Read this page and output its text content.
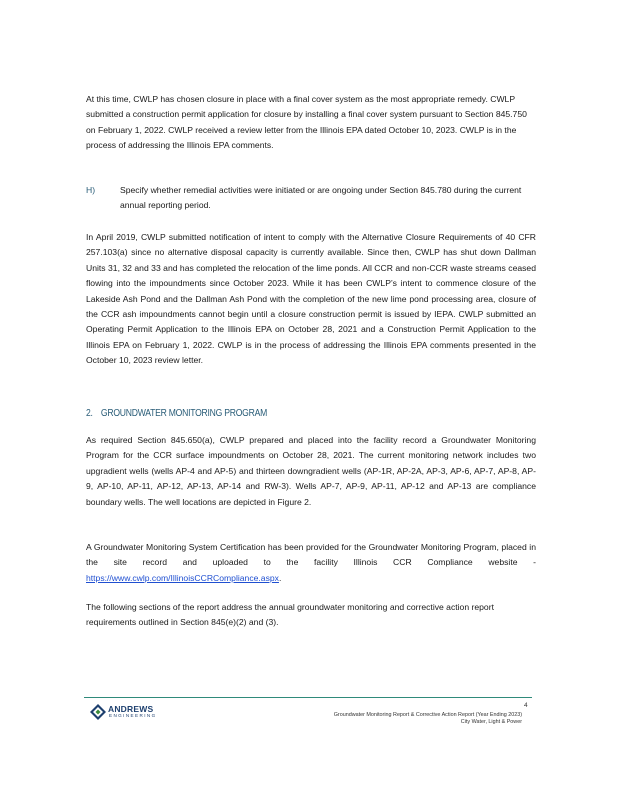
At this time, CWLP has chosen closure in place with a final cover system as the most appropriate remedy. CWLP submitted a construction permit application for closure by installing a final cover system pursuant to Section 845.750 on February 1, 2022. CWLP received a review letter from the Illinois EPA dated October 10, 2023. CWLP is in the process of addressing the Illinois EPA comments.

H)	Specify whether remedial activities were initiated or are ongoing under Section 845.780 during the current annual reporting period.

In April 2019, CWLP submitted notification of intent to comply with the Alternative Closure Requirements of 40 CFR 257.103(a) since no alternative disposal capacity is currently available. Since then, CWLP has shut down Dallman Units 31, 32 and 33 and has completed the relocation of the lime ponds. All CCR and non-CCR waste streams ceased flowing into the impoundments since October 2023. While it has been CWLP’s intent to commence closure of the Lakeside Ash Pond and the Dallman Ash Pond with the completion of the new lime pond processing area, closure of the CCR ash impoundments cannot begin until a closure construction permit is issued by IEPA. CWLP submitted an Operating Permit Application to the Illinois EPA on October 28, 2021 and a Construction Permit Application to the Illinois EPA on February 1, 2022. CWLP is in the process of addressing the Illinois EPA comments presented in the October 10, 2023 review letter.

2. GROUNDWATER MONITORING PROGRAM

As required Section 845.650(a), CWLP prepared and placed into the facility record a Groundwater Monitoring Program for the CCR surface impoundments on October 28, 2021. The current monitoring network includes two upgradient wells (wells AP-4 and AP-5) and thirteen downgradient wells (AP-1R, AP-2A, AP-3, AP-6, AP-7, AP-8, AP-9, AP-10, AP-11, AP-12, AP-13, AP-14 and RW-3). Wells AP-7, AP-9, AP-11, AP-12 and AP-13 are compliance boundary wells. The well locations are depicted in Figure 2.

A Groundwater Monitoring System Certification has been provided for the Groundwater Monitoring Program, placed in the site record and uploaded to the facility Illinois CCR Compliance website - https://www.cwlp.com/IllinoisCCRCompliance.aspx.

The following sections of the report address the annual groundwater monitoring and corrective action report requirements outlined in Section 845(e)(2) and (3).

ANDREWS
ENGINEERING
4
Groundwater Monitoring Report & Corrective Action Report (Year Ending 2023)
City Water, Light & Power
